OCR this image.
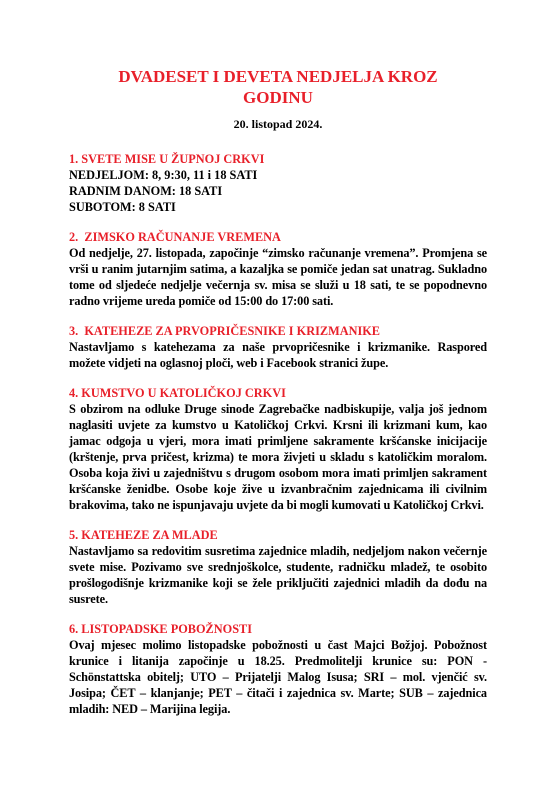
DVADESET I DEVETA NEDJELJA KROZ
GODINU
20. listopad 2024.
1. SVETE MISE U ŽUPNOJ CRKVI
NEDJELJOM: 8, 9:30, 11 i 18 SATI
RADNIM DANOM: 18 SATI
SUBOTOM: 8 SATI
2.  ZIMSKO RAČUNANJE VREMENA
Od nedjelje, 27. listopada, započinje “zimsko računanje vremena”. Promjena se vrši u ranim jutarnjim satima, a kazaljka se pomiče jedan sat unatrag. Sukladno tome od sljedeće nedjelje večernja sv. misa se služi u 18 sati, te se popodnevno radno vrijeme ureda pomiče od 15:00 do 17:00 sati.
3.  KATEHEZE ZA PRVOPRIČESNIKE I KRIZMANIKE
Nastavljamo s katehezama za naše prvopričesnike i krizmanike. Raspored možete vidjeti na oglasnoj ploči, web i Facebook stranici župe.
4. KUMSTVO U KATOLIČKOJ CRKVI
S obzirom na odluke Druge sinode Zagrebačke nadbiskupije, valja još jednom naglasiti uvjete za kumstvo u Katoličkoj Crkvi. Krsni ili krizmani kum, kao jamac odgoja u vjeri, mora imati primljene sakramente kršćanske inicijacije (krštenje, prva pričest, krizma) te mora živjeti u skladu s katoličkim moralom. Osoba koja živi u zajedništvu s drugom osobom mora imati primljen sakrament kršćanske ženidbe. Osobe koje žive u izvanbračnim zajednicama ili civilnim brakovima, tako ne ispunjavaju uvjete da bi mogli kumovati u Katoličkoj Crkvi.
5. KATEHEZE ZA MLADE
Nastavljamo sa redovitim susretima zajednice mladih, nedjeljom nakon večernje svete mise. Pozivamo sve srednjoškolce, studente, radničku mladež, te osobito prošlogodišnje krizmanike koji se žele priključiti zajednici mladih da dođu na susrete.
6. LISTOPADSKE POBOŽNOSTI
Ovaj mjesec molimo listopadske pobožnosti u čast Majci Božjoj. Pobožnost krunice i litanija započinje u 18.25. Predmolitelji krunice su: PON - Schönstattska obitelj; UTO – Prijatelji Malog Isusa; SRI – mol. vjenčić sv. Josipa; ČET – klanjanje; PET – čitači i zajednica sv. Marte; SUB – zajednica mladih: NED – Marijina legija.
